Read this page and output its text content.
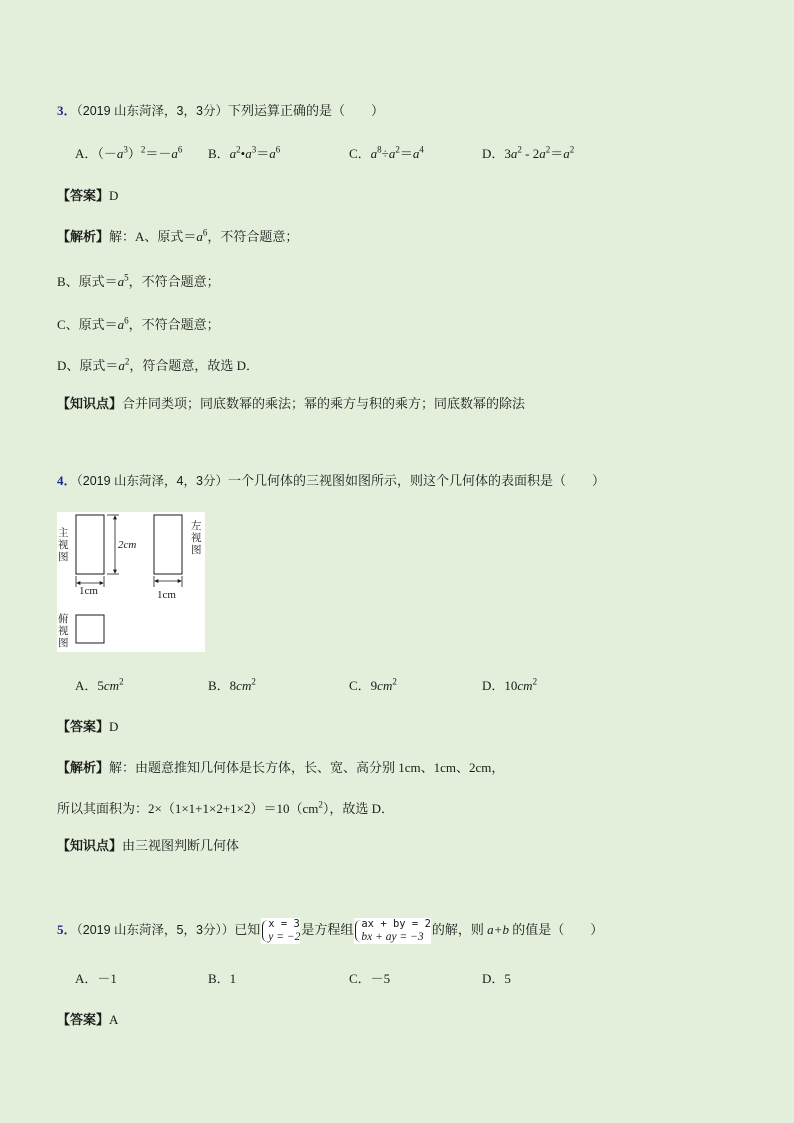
3．（2019 山东菏泽，3，3分）下列运算正确的是（　　）
A．$(-a^3)^2=-a^6$ B．$a^2•a^3=a^6$	C．$a^8\div a^2=a^4$	D．$3a^2 - 2a^2=a^2$
【答案】D
【解析】解：A、原式$=a^6$，不符合题意；
B、原式$=a^5$，不符合题意；
C、原式$=a^6$，不符合题意；
D、原式$=a^2$，符合题意，故选 D．
【知识点】合并同类项；同底数幂的乘法；幂的乘方与积的乘方；同底数幂的除法
4．（2019 山东菏泽，4，3分）一个几何体的三视图如图所示，则这个几何体的表面积是（　　）
主
视
图
左
视
图
俯
视
图
2cm
1cm	1cm
A．$5cm^2$	B．$8cm^2$	C．$9cm^2$	D．$10cm^2$
【答案】D
【解析】解：由题意推知几何体是长方体，长、宽、高分别 1cm、1cm、2cm，
所以其面积为：$2\times(1\times 1+1\times 2+1\times 2)=10(cm^2)$，故选 D．
【知识点】由三视图判断几何体
5．（2019 山东菏泽，5，3分））已知 x = 3
y = −2
是方程组 ax + by = 2
bx + ay = −3
的解，则 a+b 的值是（　　）
A．－1	B．1	C．－5	D．5
【答案】A
